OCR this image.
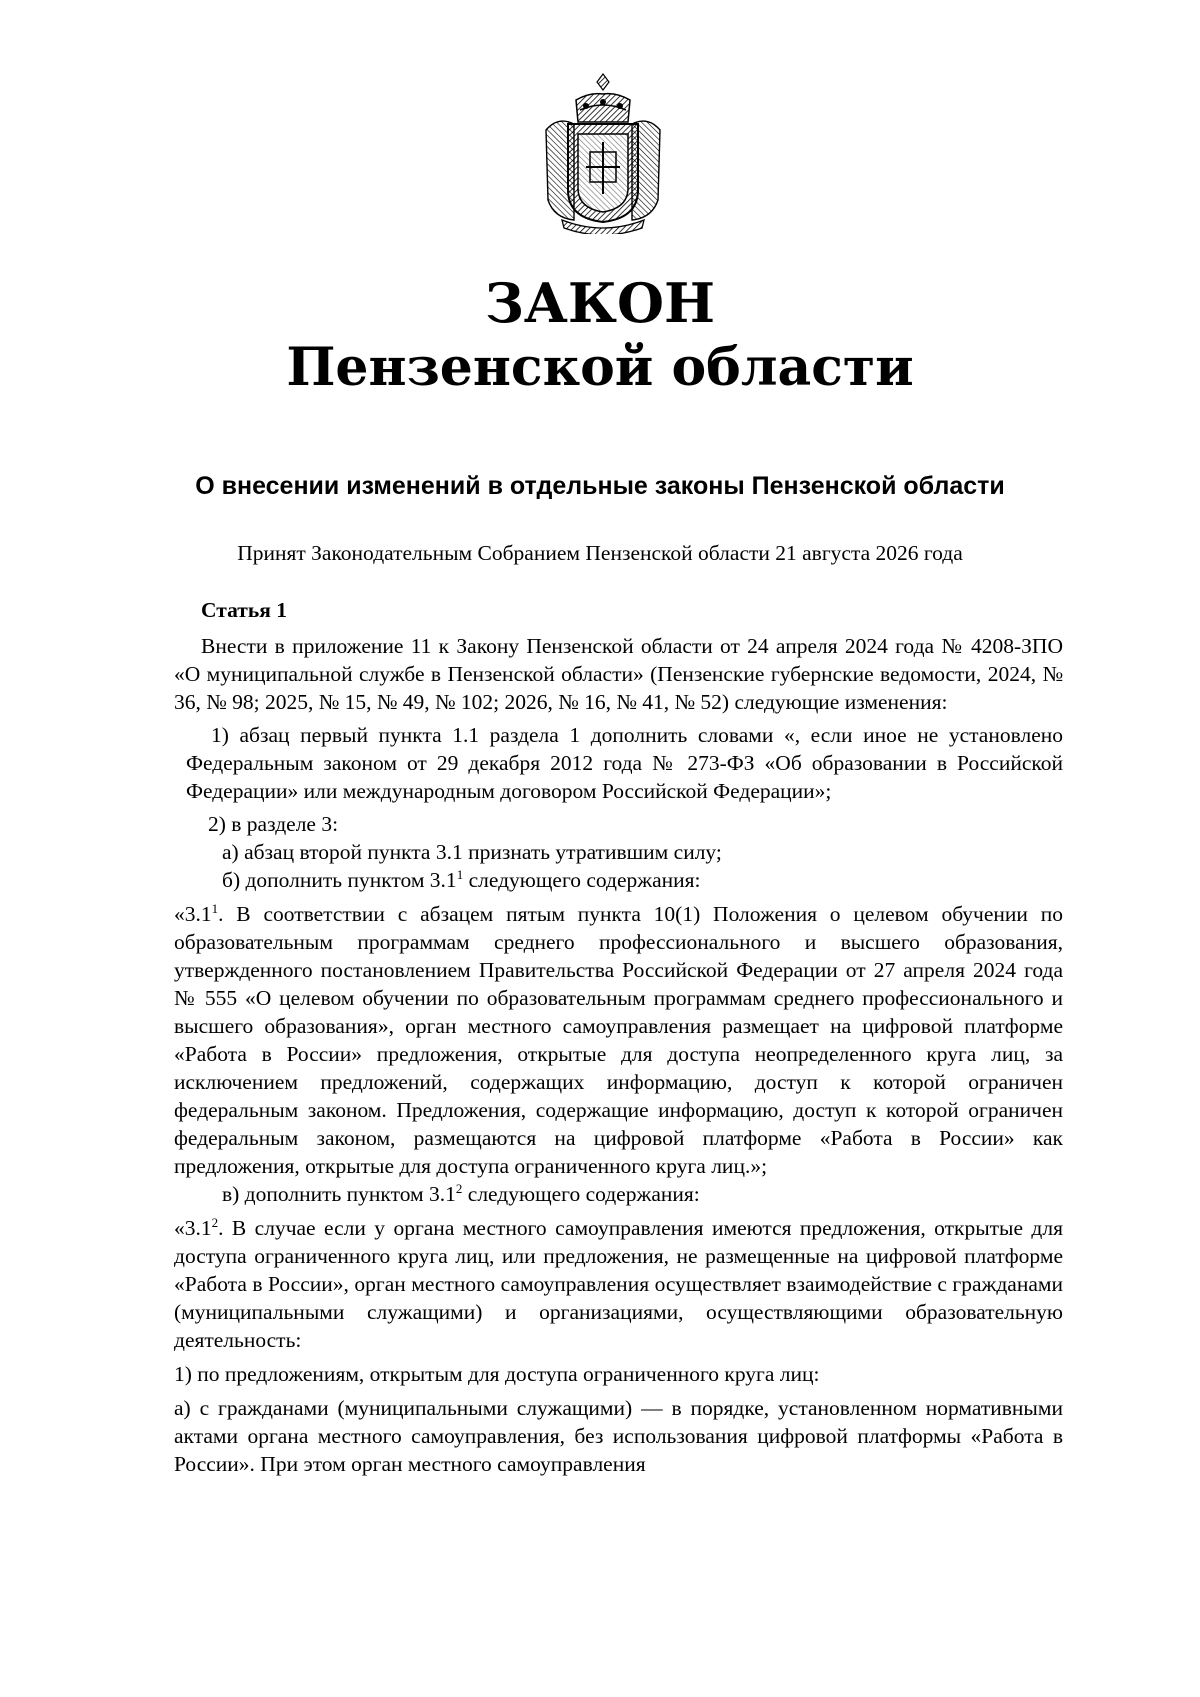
ЗАКОН
Пензенской области
О внесении изменений в отдельные законы Пензенской области
Принят Законодательным Собранием Пензенской области 21 августа 2026 года

Статья 1

Внести в приложение 11 к Закону Пензенской области от 24 апреля 2024 года № 4208-ЗПО «О муниципальной службе в Пензенской области» (Пензенские губернские ведомости, 2024, № 36, № 98; 2025, № 15, № 49, № 102; 2026, № 16, № 41, № 52) следующие изменения:

1) абзац первый пункта 1.1 раздела 1 дополнить словами «, если иное не установлено Федеральным законом от 29 декабря 2012 года № 273-ФЗ «Об образовании в Российской Федерации» или международным договором Российской Федерации»;

2) в разделе 3:

а) абзац второй пункта 3.1 признать утратившим силу;

б) дополнить пунктом $3.1^1$ следующего содержания:

«$3.1^1$. В соответствии с абзацем пятым пункта 10(1) Положения о целевом обучении по образовательным программам среднего профессионального и высшего образования, утвержденного постановлением Правительства Российской Федерации от 27 апреля 2024 года № 555 «О целевом обучении по образовательным программам среднего профессионального и высшего образования», орган местного самоуправления размещает на цифровой платформе «Работа в России» предложения, открытые для доступа неопределенного круга лиц, за исключением предложений, содержащих информацию, доступ к которой ограничен федеральным законом. Предложения, содержащие информацию, доступ к которой ограничен федеральным законом, размещаются на цифровой платформе «Работа в России» как предложения, открытые для доступа ограниченного круга лиц.»;

в) дополнить пунктом $3.1^2$ следующего содержания:

«$3.1^2$. В случае если у органа местного самоуправления имеются предложения, открытые для доступа ограниченного круга лиц, или предложения, не размещенные на цифровой платформе «Работа в России», орган местного самоуправления осуществляет взаимодействие с гражданами (муниципальными служащими) и организациями, осуществляющими образовательную деятельность:

1) по предложениям, открытым для доступа ограниченного круга лиц:

а) с гражданами (муниципальными служащими) — в порядке, установленном нормативными актами органа местного самоуправления, без использования цифровой платформы «Работа в России». При этом орган местного самоуправления
